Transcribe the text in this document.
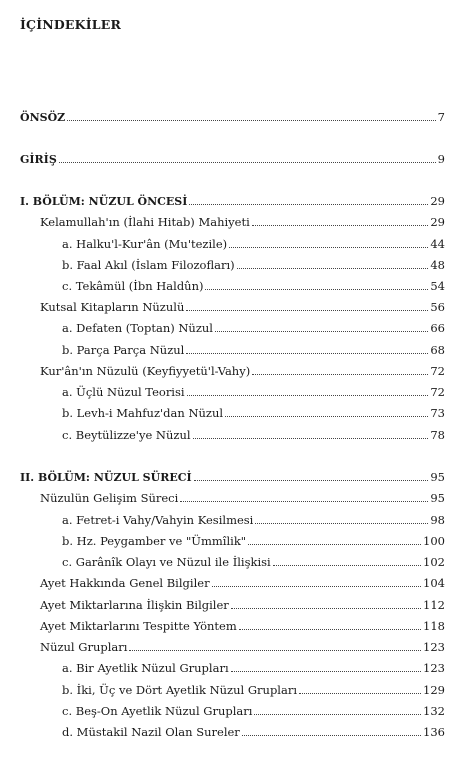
İÇİNDEKİLER
ÖNSÖZ	7
GİRİŞ	9
I. BÖLÜM: NÜZUL ÖNCESİ	29
Kelamullah'ın (İlahi Hitab) Mahiyeti	29
a. Halku'l-Kur'ân (Mu'tezile)	44
b. Faal Akıl (İslam Filozofları)	48
c. Tekâmül (İbn Haldûn)	54
Kutsal Kitapların Nüzulü	56
a. Defaten (Toptan) Nüzul	66
b. Parça Parça Nüzul	68
Kur'ân'ın Nüzulü (Keyfiyyetü'l-Vahy)	72
a. Üçlü Nüzul Teorisi	72
b. Levh-i Mahfuz'dan Nüzul	73
c. Beytülizze'ye Nüzul	78
II. BÖLÜM: NÜZUL SÜRECİ	95
Nüzulün Gelişim Süreci	95
a. Fetret-i Vahy/Vahyin Kesilmesi	98
b. Hz. Peygamber ve "Ümmîlik"	100
c. Garânîk Olayı ve Nüzul ile İlişkisi	102
Ayet Hakkında Genel Bilgiler	104
Ayet Miktarlarına İlişkin Bilgiler	112
Ayet Miktarlarını Tespitte Yöntem	118
Nüzul Grupları	123
a. Bir Ayetlik Nüzul Grupları	123
b. İki, Üç ve Dört Ayetlik Nüzul Grupları	129
c. Beş-On Ayetlik Nüzul Grupları	132
d. Müstakil Nazil Olan Sureler	136
